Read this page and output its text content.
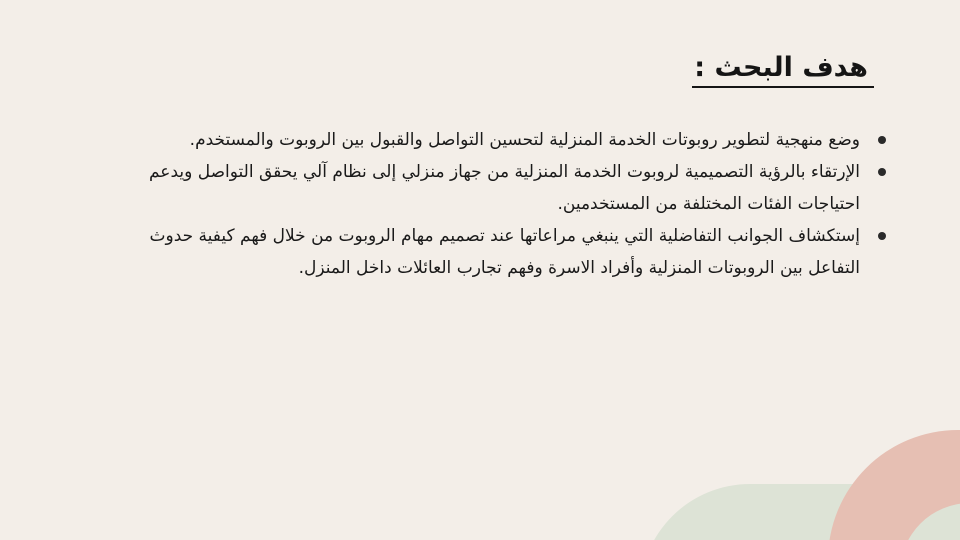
هدف البحث :
وضع منهجية لتطوير روبوتات الخدمة المنزلية لتحسين التواصل والقبول بين الروبوت والمستخدم.
الإرتقاء بالرؤية التصميمية لروبوت الخدمة المنزلية من جهاز منزلي إلى نظام آلي يحقق التواصل ويدعم احتياجات الفئات المختلفة من المستخدمين.
إستكشاف الجوانب التفاضلية التي ينبغي مراعاتها عند تصميم مهام الروبوت من خلال فهم كيفية حدوث التفاعل بين الروبوتات المنزلية وأفراد الاسرة وفهم تجارب العائلات داخل المنزل.
